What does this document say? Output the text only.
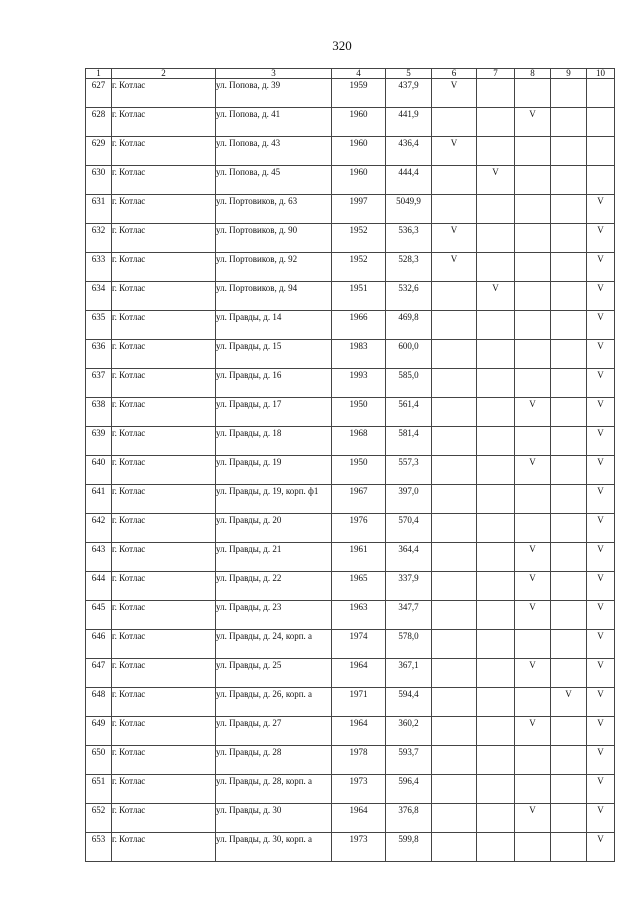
320
1	2	3	4	5	6	7	8	9	10
627	г. Котлас	ул. Попова, д. 39	1959	437,9	V				
628	г. Котлас	ул. Попова, д. 41	1960	441,9			V		
629	г. Котлас	ул. Попова, д. 43	1960	436,4	V				
630	г. Котлас	ул. Попова, д. 45	1960	444,4		V			
631	г. Котлас	ул. Портовиков, д. 63	1997	5049,9					V
632	г. Котлас	ул. Портовиков, д. 90	1952	536,3	V				V
633	г. Котлас	ул. Портовиков, д. 92	1952	528,3	V				V
634	г. Котлас	ул. Портовиков, д. 94	1951	532,6		V			V
635	г. Котлас	ул. Правды, д. 14	1966	469,8					V
636	г. Котлас	ул. Правды, д. 15	1983	600,0					V
637	г. Котлас	ул. Правды, д. 16	1993	585,0					V
638	г. Котлас	ул. Правды, д. 17	1950	561,4			V		V
639	г. Котлас	ул. Правды, д. 18	1968	581,4					V
640	г. Котлас	ул. Правды, д. 19	1950	557,3			V		V
641	г. Котлас	ул. Правды, д. 19, корп. ф1	1967	397,0					V
642	г. Котлас	ул. Правды, д. 20	1976	570,4					V
643	г. Котлас	ул. Правды, д. 21	1961	364,4			V		V
644	г. Котлас	ул. Правды, д. 22	1965	337,9			V		V
645	г. Котлас	ул. Правды, д. 23	1963	347,7			V		V
646	г. Котлас	ул. Правды, д. 24, корп. а	1974	578,0					V
647	г. Котлас	ул. Правды, д. 25	1964	367,1			V		V
648	г. Котлас	ул. Правды, д. 26, корп. а	1971	594,4				V	V
649	г. Котлас	ул. Правды, д. 27	1964	360,2			V		V
650	г. Котлас	ул. Правды, д. 28	1978	593,7					V
651	г. Котлас	ул. Правды, д. 28, корп. а	1973	596,4					V
652	г. Котлас	ул. Правды, д. 30	1964	376,8			V		V
653	г. Котлас	ул. Правды, д. 30, корп. а	1973	599,8					V
